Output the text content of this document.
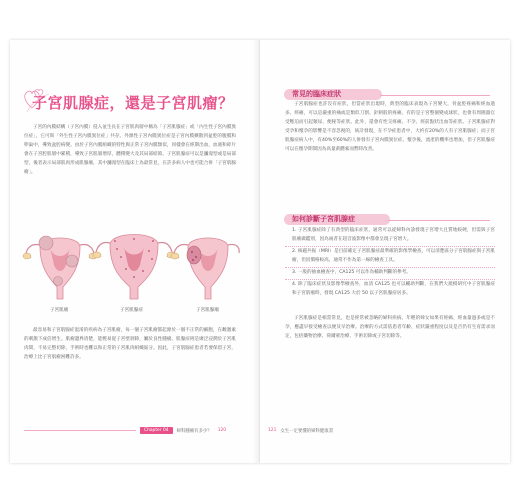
子宮肌腺症，還是子宮肌瘤？

子宮的內膜結構（子宮內膜）侵入並生長在子宮肌肉層中稱為「子宮肌腺症」或「內生性子宮內膜異位症」，它可與「外生性子宮內膜異位症」共存。外源性子宮內膜異位症是子宮內膜擴散到盆腔的腹膜和卵巢中，導致盆腔病變。由於子宮內膜組織的特性與正常子宮內膜類似，同樣會在經期出血，血液和碎片會在子宮腔肌層中累積，導致子宮肌層增厚，體積變大及其局部結節。子宮肌腺症可以是瀰漫型或是局部型，後者表示局部肌肉形成肌腺瘤，其中瀰漫型在臨床上為最常見，在許多病人中也可能合併「子宮肌腺瘤」。

子宮肌瘤	子宮肌腺症	子宮肌腺瘤

最容易和子宮肌腺症混淆的疾病為子宮肌瘤，每一個子宮肌瘤都起源於一個不正常的細胞，在雌激素的刺激下成倍增生。肌瘤邊界清楚，能輕易從子宮壁剝除，屬於良性腫瘤。肌腺症則是廣泛浸潤於子宮肌肉間，不易完整切除，手術時也難以和正常的子宮肌肉組織區分。因此，子宮肌腺症患者若要保留子宮，治療上比子宮肌瘤困難許多。

常見的臨床症狀

子宮肌腺症也許沒有症狀，但當症狀出現時，典型的臨床表現為子宮變大，骨盆腔疼痛和經血過多。經痛，可以是嚴重的痛或是類似刀割、針刺般的疼痛，有的是子宮整個變成球狀，也會有周圍器官受壓迫而引起頻尿、便秘等症狀。此外，還會有性交疼痛、不孕、經前點狀出血等症狀。子宮肌腺症對受孕和懷孕的影響是不容忽視的，統計發現，在不孕症患者中，大約有20%的人有子宮肌腺症；而子宮肌腺症病人中，有40%至60%的人併發有子宮內膜異位症。懷孕後，流產的機率也增加，但子宮肌腺症可以在懷孕期間因為高量黃體素而暫時改善。

如何診斷子宮肌腺症
1. 子宮肌腺症除了有典型的臨床症狀，通常可以從婦科內診發現子宮增大且質地較硬，但需與子宮肌瘤做鑑別，因為兩者在超音波影像中都會呈現子宮增大。
2. 核磁共振（MRI）是目前確定子宮肌腺症最準確的影像學檢查，可以清楚區分子宮肌腺症與子宮肌瘤，但因價格較高，通常不作為第一線的檢查工具。
3. 一般的抽血檢查中，CA125 可以作為輔助判斷的參考。
4. 除了臨床症狀及影像學檢查外，血清 CA125 也可以輔助判斷，在我們大規模研究中子宮肌腺症和子宮肌瘤時，發現 CA125 大於 50 以子宮肌腺症居多。

子宮肌腺症是相當常見，也是經常被忽略的婦科疾病。年輕的婦女如果有經痛、經血量過多或是不孕，應盡早接受檢查以便及早治療。治療的方式需依患者年齡、症狀嚴重程度以及是否仍有生育需求而定，包括藥物治療、荷爾蒙治療、手術切除或子宮切除等。

Chapter 04	婦科腫瘤有多少？ 120	121 女生一定要懂的婦科健康書
